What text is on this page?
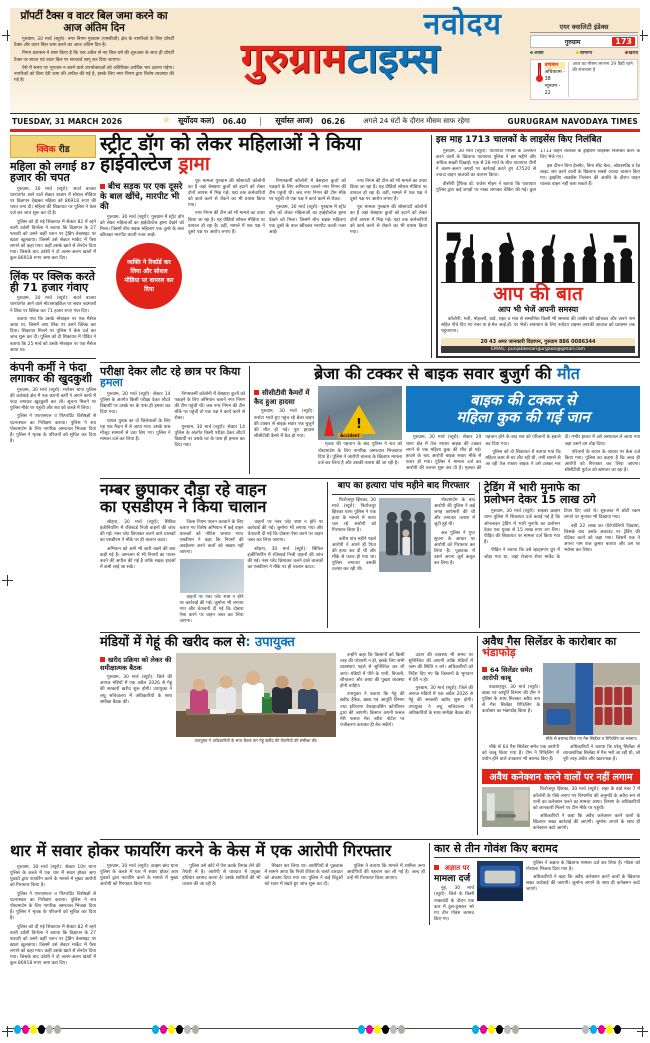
प्रॉपर्टी टैक्स व वाटर बिल जमा करने का आज अंतिम दिन

गुरुग्राम, 30 मार्च (ब्यूरो): नगर निगम गुरुग्राम (एमसीजी) क्षेत्र के नागरिकों के लिए प्रॉपर्टी टैक्स और वाटर बिल जमा करने का आज अंतिम दिन है।

निगम प्रशासन ने स्पष्ट किया है कि एक अप्रैल से नए बिल वर्ष की शुरुआत के साथ ही प्रॉपर्टी टैक्स पर ब्याज एवं वाटर बिल पर सरचार्ज लागू कर दिया जाएगा।

ऐसे में समय पर भुगतान न करने वाले उपभोक्ताओं को अतिरिक्त आर्थिक भार उठाना पड़ेगा। नागरिकों को बिना देरी जमा की अपील की गई है, इसके लिए नगर निगम द्वारा विशेष व्यवस्था की गई है।

नवोदय
गुरुग्रामटाइम्स
एयर क्वालिटी इंडेक्स
गुरुग्राम	173
अच्छा	सामान्य	खराब
तापमान
अधिकतम - 38
न्यूनतम - 22
आज का मौसम लगभग 29 डिग्री रहने की संभावना है
TUESDAY, 31 MARCH 2026	☼ सूर्योदय कल) 06.40	सूर्यास्त आज) 06.26	अगले 24 घंटों के दौरान मौसम साफ रहेगा	GURUGRAM NAVODAYA TIMES
क्विक रीड
महिला को लगाई 87 हजार की चपत

गुरुग्राम, 30 मार्च (ब्यूरो): सदर्न बाजार थानांतर्गत आने वाले सेक्टर बाजार में सोशल मीडिया पर विज्ञापन देखकर महिला को 86918 रुपए की चपत लगा दी। महिला की शिकायत पर पुलिस ने केस दर्ज कर जांच शुरू कर दी है।

पुलिस को दी गई शिकायत में सेक्टर 82 में रहने वाली उर्वशी विनोला ने बताया कि विज्ञापन के 27 फरवरी को उसने कहीं प्लान पर ट्रेडिंग वेबसाइट पर खाता खुलवाया। जिसमें उसे सेक्टर मार्केट में पैसा लगाने को कहा गया। कहीं उसके खाते से लेनदेन दिया गया। जिसके बाद उर्वशी ने दो अलग-अलग खातों में कुल 86918 रुपए जमा करा दिए।

लिंक पर क्लिक करते ही 71 हजार गंवाए

गुरुग्राम, 30 मार्च (ब्यूरो): सदर्न बाजार थानांतर्गत आने वाले मोटरसाइकिल पर सवार बदमाशों ने लिंक पर क्लिक कर 71 हजार रुपए गंवा दिए।

बताया गया कि उसके मोबाइल पर एक मैसेज आया था, जिसमें आए लिंक पर उसने क्लिक कर दिया। शिकायत मिलने पर पुलिस ने केस दर्ज कर जांच शुरू कर दी। पुलिस को दी शिकायत में पीड़ित ने बताया कि 25 मार्च को उसके मोबाइल पर एक मैसेज आया था।

कंपनी कर्मी ने फंदा लगाकर की खुदकुशी

गुरुग्राम, 30 मार्च (ब्यूरो): मानेसर थाना पुलिस की कार्रवाई क्षेत्र में एक कंपनी कर्मी ने अपने कमरे में फंदा लगाकर खुदकुशी कर ली। सूचना मिलने पर पुलिस मौके पर पहुंची और शव को कब्जे में लिया।

पुलिस ने एफएसएल व फिंगरप्रिंट विशेषज्ञों से घटनास्थल का निरीक्षण कराया। पुलिस ने शव पोस्टमार्टम के लिए नागरिक अस्पताल भिजवा दिया है। पुलिस ने मृतक के परिजनों को सूचित कर दिया है।

स्ट्रीट डॉग को लेकर महिलाओं ने किया हाईवोल्टेज ड्रामा
बीच सड़क पर एक दूसरे के बाल खींचे, मारपीट भी की

गुरुग्राम, 30 मार्च (ब्यूरो): गुरुग्राम में स्ट्रीट डॉग को लेकर महिलाओं का हाईवोल्टेज ड्रामा देखने को मिला। जिसमें बीच सड़क महिलाएं एक दूसरे के बाल खींचकर मारपीट करती नजर आईं।

व्यक्ति ने रिकॉर्ड कर लिया और सोशल मीडिया पर वायरल कर दिया

पूरा मामला गुरुग्राम की सोसायटी कॉलोनी का है जहां बेसहारा कुत्तों को हटाने को लेकर दोनों आपस में भिड़ गई। यहां तक कर्मचारियों को कार्य करने से रोकने का भी प्रयास किया गया।

नगर निगम की टीम को भी मामले का उधार किया जा रहा है। यह वीडियो सोशल मीडिया पर वायरल हो रहा है। वहीं, मामले में एक पक्ष ने दूसरे पक्ष पर आरोप लगाए हैं।

निगमकर्मी कॉलोनी में बेसहारा कुत्तों को पकड़ने के लिए अभियान चलाने नगर निगम की टीम पहुंची थी। जब नगर निगम की टीम मौके पर पहुंची तो एक पक्ष ने कार्य करने से रोका।

गुरुग्राम, 30 मार्च (ब्यूरो): गुरुग्राम में स्ट्रीट डॉग को लेकर महिलाओं का हाईवोल्टेज ड्रामा देखने को मिला। जिसमें बीच सड़क महिलाएं एक दूसरे के बाल खींचकर मारपीट करती नजर आईं।

नगर निगम की टीम को भी मामले का उधार किया जा रहा है। यह वीडियो सोशल मीडिया पर वायरल हो रहा है। वहीं, मामले में एक पक्ष ने दूसरे पक्ष पर आरोप लगाए हैं।

पूरा मामला गुरुग्राम की सोसायटी कॉलोनी का है जहां बेसहारा कुत्तों को हटाने को लेकर दोनों आपस में भिड़ गई। यहां तक कर्मचारियों को कार्य करने से रोकने का भी प्रयास किया गया।

इस माह 1713 चालकों के लाइसेंस किए निलंबित

गुरुग्राम, 30 मार्च (ब्यूरो): यातायात नियमों के उल्लंघन करने वालों के खिलाफ यातायात पुलिस ने इस महीने और अधिक सख्ती दिखाई। एक से 28 मार्च के बीच यातायात टीमों ने अलग-अलग जगहों पर कार्रवाई करते हुए 47520 से ज्यादा वाहन चालकों का चालान किया।

डीसीपी ट्रैफिक डॉ. राजेश मोहन ने बताया कि यातायात पुलिस द्वारा कई जगहों पर नाका लगाकर चेकिंग की गई। कुल 1713 वाहन चालकों के ड्राइविंग लाइसेंस निलंबित करने के लिए भेजे गए।

इस दौरान बिना हेलमेट, बिना सीट बेल्ट, ओवरस्पीड व रेड लाइट जंप करने वालों के खिलाफ सबसे ज्यादा चालान किए गए। ड्राइविंग लाइसेंस निलंबन की अवधि के दौरान वाहन चालक वाहन नहीं चला सकते हैं।

आप की बात
आप भी भेजें अपनी समस्या

कॉलोनी, गली, मोहल्लों, वार्ड, शहर व गांव से सम्बन्धित किसी भी समस्या की तस्वीर को खींचकर और अपने नाम सहित नीचे दिए गए नंबर या ई-मेल आई.डी. पर भेजें। समाधान के लिए नवोदय टाइम्स आपकी आवाज को प्रशासन तक पहुंचाएगा।

20 43 अमर जानकारी विज्ञापन, गुरुग्राम 886 0086344
EMAIL: punjabkesarigurgaon@gmail.com
परीक्षा देकर लौट रहे छात्र पर किया हमला

गुरुग्राम, 30 मार्च (ब्यूरो): सेक्टर 14 पुलिस के अंतर्गत किसी परीक्षा देकर लौटते विद्यार्थी पर उसके घर के पास ही हमला कर दिया गया।

घायल युवक का दो जिलेबाजों के लिए यह एक मैदान में ले जाया गया। उसके पास मौजूद सामानों से उठा लिए गए। पुलिस ने मामला दर्ज कर लिया है।

निगमकर्मी कॉलोनी में बेसहारा कुत्तों को पकड़ने के लिए अभियान चलाने नगर निगम की टीम पहुंची थी। जब नगर निगम की टीम मौके पर पहुंची तो एक पक्ष ने कार्य करने से रोका।

गुरुग्राम, 30 मार्च (ब्यूरो): सेक्टर 14 पुलिस के अंतर्गत किसी परीक्षा देकर लौटते विद्यार्थी पर उसके घर के पास ही हमला कर दिया गया।

ब्रेजा की टक्कर से बाइक सवार बुजुर्ग की मौत
सीसीटीवी कैमरों में कैद हुआ हादसा

गुरुग्राम, 30 मार्च (ब्यूरो): फर्राटा भरते हुए पहुंच रहे ब्रेजा वाहन की टक्कर से बाइक सवार एक बुजुर्ग की मौत हो गई। पूरा हादसा सीसीटीवी कैमरे में कैद हो गया।

!	Accident

मृतक की पहचान के बाद पुलिस ने शव को पोस्टमार्टम के लिए नागरिक अस्पताल भिजवाया दिया है। पुलिस ने आरोपी चालक के खिलाफ मामला दर्ज कर लिया है और उसकी तलाश की जा रही है।

बाइक की टक्कर से
महिला कुक की गई जान

गुरुग्राम, 30 मार्च (ब्यूरो): सेक्टर 29 थाना क्षेत्र में तेज रफ्तार बाइक की टक्कर लगने से एक महिला कुक की मौत हो गई। हादसे के बाद आरोपी बाइक सवार मौके से फरार हो गया। पुलिस ने मामला दर्ज कर आरोपी की तलाश शुरू कर दी है। मृतका की पहचान होने के बाद शव को परिजनों के हवाले कर दिया गया।

पुलिस को दी शिकायत में बताया गया कि महिला काम से घर लौट रही थी, तभी सामने से आ रही तेज रफ्तार बाइक ने उसे टक्कर मार दी। गंभीर हालत में उसे अस्पताल ले जाया गया जहां उसने दम तोड़ दिया।

परिजनों के बयान के आधार पर केस दर्ज किया गया। पुलिस का कहना है कि जल्द ही आरोपी को गिरफ्तार कर लिया जाएगा। सीसीटीवी फुटेज को खंगाला जा रहा है।

नम्बर छुपाकर दौड़ा रहे वाहन
का एसडीएम ने किया चालान

सोहना, 30 मार्च (ब्यूरो): सिविल इंजीनियरिंग में रजिस्टर्ड निजी वाहनों की जांच की गई। नंबर प्लेट छिपाकर चलने वाले चालकों का एसडीएम ने मौके पर ही चालान काटा।

अभियान को आगे भी जारी रखने की बात कही गई है। आमजन से भी नियमों का पालन करने की अपील की गई है ताकि सड़क हादसों में कमी लाई जा सके।

जिला नियम पालन करवाने के लिए चलाए गए विशेष अभियान में कई वाहन चालकों को नोटिस थमाया गया। एसडीएम ने कहा कि नियमों की अवहेलना करने वालों को बख्शा नहीं जाएगा।

वाहनों पर नंबर प्लेट स्पष्ट न होने पर कार्रवाई की गई। जुर्माना भी लगाया गया और चेतावनी दी गई कि दोबारा ऐसा करने पर वाहन जब्त कर लिया जाएगा।

वाहनों पर नंबर प्लेट स्पष्ट न होने पर कार्रवाई की गई। जुर्माना भी लगाया गया और चेतावनी दी गई कि दोबारा ऐसा करने पर वाहन जब्त कर लिया जाएगा।

सोहना, 30 मार्च (ब्यूरो): सिविल इंजीनियरिंग में रजिस्टर्ड निजी वाहनों की जांच की गई। नंबर प्लेट छिपाकर चलने वाले चालकों का एसडीएम ने मौके पर ही चालान काटा।

बाप का हत्यारा पांच महीने बाद गिरफ्तार

फिरोजपुर झिरका, 30 मार्च (ब्यूरो): फिरोजपुर झिरका थाना पुलिस ने एक हत्या के मामले में फरार चल रहे आरोपी को गिरफ्तार किया है।

करीब पांच महीने पहले आरोपी ने अपने ही पिता की हत्या कर दी थी और मौके से फरार हो गया था। पुलिस लगातार उसकी तलाश कर रही थी।

पोस्टमार्टम के बाद आरोपी की पुलिस ने कई जगह छापेमारी की थी और लगातार तलाश में जुटी हुई थी।

अब पुलिस ने गुप्त सूचना के आधार पर आरोपी को गिरफ्तार कर लिया है। पूछताछ में उसने अपना जुर्म कबूल कर लिया है।

ट्रेडिंग में भारी मुनाफे का
प्रलोभन देकर 15 लाख ठगे

गुरुग्राम, 30 मार्च (ब्यूरो): साइबर क्राइम थाना पुलिस में शिकायत दर्ज कराई गई है कि ऑनलाइन ट्रेडिंग में भारी मुनाफे का प्रलोभन देकर एक युवक से 15 लाख रुपए ठग लिए। पीड़ित की शिकायत पर मामला दर्ज किया गया है।

पीड़ित ने बताया कि उसे व्हाट्सएप ग्रुप में जोड़ा गया था, जहां रोजाना शेयर मार्केट के टिप्स दिए जाते थे। शुरुआत में छोटी रकम लगाने पर मुनाफा भी दिखाया गया।

वहीं 22 लाख का पोर्टफोलियो दिखाया, जिसके बाद उसके अकाउंट पर ट्रेडिंग की प्रोटेक्ट करने को कहा गया। जिसमें एक ने अपना नाम राज कुमार बताया और उस पर भरोसा कर लिया।

मंडियों में गेहूं की खरीद कल से: उपायुक्त
खरीद प्रक्रिया को लेकर की समीक्षात्मक बैठक

गुरुग्राम, 30 मार्च (ब्यूरो): जिले की अनाज मंडियों में एक अप्रैल 2026 से गेहूं की सरकारी खरीद शुरू होगी। उपायुक्त ने लघु सचिवालय में अधिकारियों के साथ समीक्षा बैठक की।

उपायुक्त ने अधिकारियों के साथ बैठक कर गेहूं खरीद की तैयारियों की समीक्षा की।

उन्होंने कहा कि किसानों को किसी तरह की परेशानी न हो, इसके लिए सभी व्यवस्थाएं पहले से सुनिश्चित कर ली जाएं। मंडियों में पीने के पानी, बिजली, शौचालय और छाया की पुख्ता व्यवस्था होनी चाहिए।

उपायुक्त ने बताया कि गेहूं की खरीद हैफेड, खाद्य एवं आपूर्ति विभाग तथा हरियाणा वेयरहाउसिंग कॉर्पोरेशन द्वारा की जाएगी। किसान अपनी फसल मेरी फसल मेरा ब्यौरा पोर्टल पर पंजीकरण कराकर ही बेच सकेंगे।

उठान की व्यवस्था भी समय पर सुनिश्चित की जाएगी ताकि मंडियों में जाम की स्थिति न बने। अधिकारियों को निर्देश दिए गए कि किसानों के भुगतान में देरी न हो।

गुरुग्राम, 30 मार्च (ब्यूरो): जिले की अनाज मंडियों में एक अप्रैल 2026 से गेहूं की सरकारी खरीद शुरू होगी। उपायुक्त ने लघु सचिवालय में अधिकारियों के साथ समीक्षा बैठक की।

अवैध गैस सिलेंडर के कारोबार का भंडाफोड़
64 सिलेंडर समेत आरोपी काबू

बादशाहपुर, 30 मार्च (ब्यूरो): खाद्य एवं आपूर्ति विभाग की टीम ने पुलिस के साथ मिलकर अवैध रूप से गैस सिलेंडर रिफिलिंग के कारोबार का भंडाफोड़ किया है।

मौके से बरामद किए गए गैस सिलेंडर व रिफिलिंग का सामान।

मौके से 64 गैस सिलेंडर समेत एक आरोपी को काबू किया गया है। टीम ने रिफिलिंग में प्रयोग होने वाले उपकरण भी बरामद किए हैं।

अधिकारियों ने बताया कि घरेलू सिलेंडर से व्यावसायिक सिलेंडर में गैस भरी जा रही थी, जो पूरी तरह अवैध और खतरनाक है।

अवैध कनेक्शन करने वालों पर नहीं लगाम

फिरोजपुर झिरका, 30 मार्च (ब्यूरो): शहर के वार्ड नंबर 7 में कॉलोनी के पीछे लगाए गए विभागीय की अनुमति के अवैध रूप से पानी का कनेक्शन करने का मामला आया। विभाग के अधिकारियों को जानकारी मिलने पर टीम मौके पर पहुंची।

अधिकारियों ने कहा कि अवैध कनेक्शन करने वालों के खिलाफ सख्त कार्रवाई की जाएगी। जुर्माना लगाने के साथ ही कनेक्शन काटे जाएंगे।

थार में सवार होकर फायरिंग करने के केस में एक आरोपी गिरफ्तार

गुरुग्राम, 30 मार्च (ब्यूरो): क्राइम ब्रांच थाना पुलिस के कब्जे में थार में सवार होकर आए युवकों द्वारा फायरिंग करने के मामले में मुख्य आरोपी को गिरफ्तार किया गया।

पुलिस उसे कोर्ट में पेश करके रिमांड लेने की तैयारी में है। आरोपी से वारदात में प्रयुक्त हथियार बरामद करना है। उसके साथियों की भी तलाश की जा रही है।

शिकार कर लिया था। आरोपियों से पूछताछ में सामने आया कि निजी रंजिश के चलते वारदात को अंजाम दिया गया था। पुलिस ने कई बिंदुओं को ध्यान में रखते हुए जांच शुरू कर दी।

पुलिस ने बताया कि मामले में शामिल अन्य आरोपियों की पहचान कर ली गई है। जल्द ही उन्हें भी गिरफ्तार किया जाएगा।

कार से तीन गोवंश किए बरामद
अज्ञात पर
मामला दर्ज

नूंह, 30 मार्च (ब्यूरो): जिले के किसी नाकाबंदी के दौरान एक कार में ठूंस-ठूंसकर भरे गए तीन गोवंश बरामद किए गए।

पुलिस ने अज्ञात के खिलाफ मामला दर्ज कर लिया है। गोवंश को गोशाला भिजवा दिया गया है।

अधिकारियों ने कहा कि अवैध कनेक्शन करने वालों के खिलाफ सख्त कार्रवाई की जाएगी। जुर्माना लगाने के साथ ही कनेक्शन काटे जाएंगे।

गुरुग्राम, 30 मार्च (ब्यूरो): सेक्टर 10ए थाना पुलिस के कब्जे में एक थार में सवार होकर आए युवकों द्वारा फायरिंग करने के मामले में मुख्य आरोपी को गिरफ्तार किया है।

पुलिस ने एफएसएल व फिंगरप्रिंट विशेषज्ञों से घटनास्थल का निरीक्षण कराया। पुलिस ने शव पोस्टमार्टम के लिए नागरिक अस्पताल भिजवा दिया है। पुलिस ने मृतक के परिजनों को सूचित कर दिया है।

पुलिस को दी गई शिकायत में सेक्टर 82 में रहने वाली उर्वशी विनोला ने बताया कि विज्ञापन के 27 फरवरी को उसने कहीं प्लान पर ट्रेडिंग वेबसाइट पर खाता खुलवाया। जिसमें उसे सेक्टर मार्केट में पैसा लगाने को कहा गया। कहीं उसके खाते से लेनदेन दिया गया। जिसके बाद उर्वशी ने दो अलग-अलग खातों में कुल 86918 रुपए जमा करा दिए।
